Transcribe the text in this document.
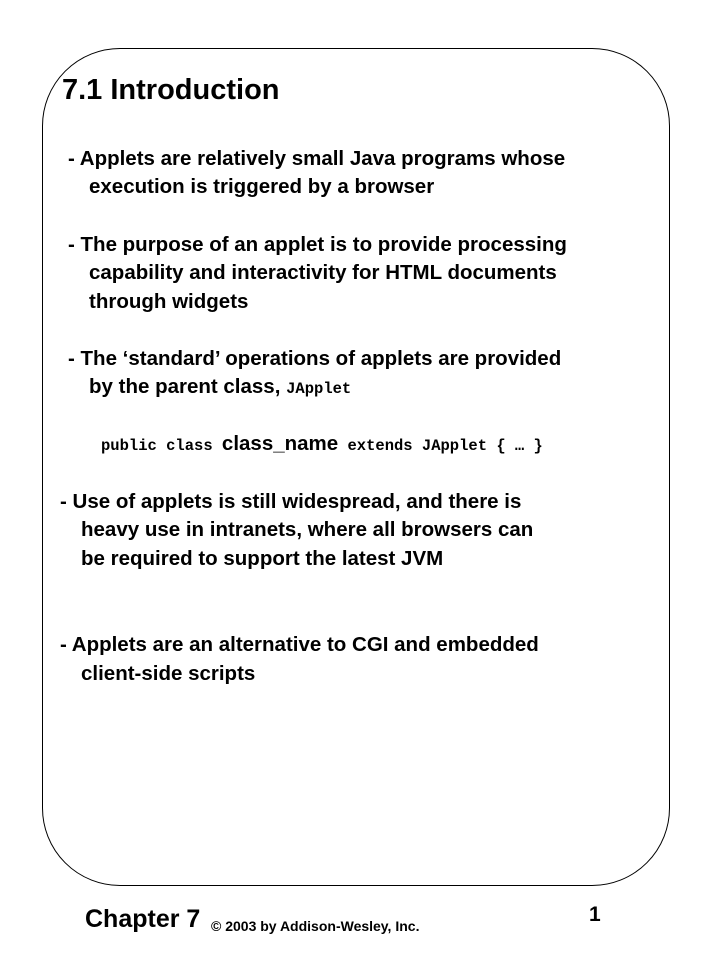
7.1 Introduction
- Applets are relatively small Java programs whose
execution is triggered by a browser
- The purpose of an applet is to provide processing
capability and interactivity for HTML documents
through widgets
- The ‘standard’ operations of applets are provided
by the parent class, JApplet
public class class_name extends JApplet { … }
- Use of applets is still widespread, and there is
heavy use in intranets, where all browsers can
be required to support the latest JVM
- Applets are an alternative to CGI and embedded
client-side scripts
Chapter 7 © 2003 by Addison-Wesley, Inc.	1
